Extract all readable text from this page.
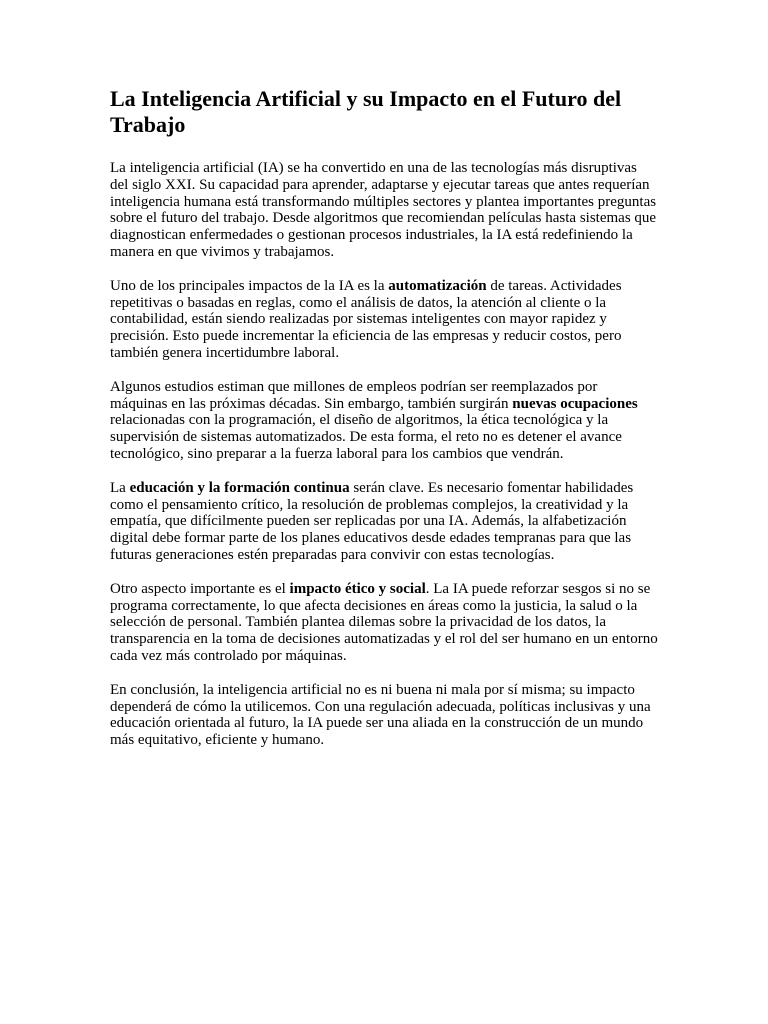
La Inteligencia Artificial y su Impacto en el Futuro del Trabajo

La inteligencia artificial (IA) se ha convertido en una de las tecnologías más disruptivas del siglo XXI. Su capacidad para aprender, adaptarse y ejecutar tareas que antes requerían inteligencia humana está transformando múltiples sectores y plantea importantes preguntas sobre el futuro del trabajo. Desde algoritmos que recomiendan películas hasta sistemas que diagnostican enfermedades o gestionan procesos industriales, la IA está redefiniendo la manera en que vivimos y trabajamos.

Uno de los principales impactos de la IA es la automatización de tareas. Actividades repetitivas o basadas en reglas, como el análisis de datos, la atención al cliente o la contabilidad, están siendo realizadas por sistemas inteligentes con mayor rapidez y precisión. Esto puede incrementar la eficiencia de las empresas y reducir costos, pero también genera incertidumbre laboral.

Algunos estudios estiman que millones de empleos podrían ser reemplazados por máquinas en las próximas décadas. Sin embargo, también surgirán nuevas ocupaciones relacionadas con la programación, el diseño de algoritmos, la ética tecnológica y la supervisión de sistemas automatizados. De esta forma, el reto no es detener el avance tecnológico, sino preparar a la fuerza laboral para los cambios que vendrán.

La educación y la formación continua serán clave. Es necesario fomentar habilidades como el pensamiento crítico, la resolución de problemas complejos, la creatividad y la empatía, que difícilmente pueden ser replicadas por una IA. Además, la alfabetización digital debe formar parte de los planes educativos desde edades tempranas para que las futuras generaciones estén preparadas para convivir con estas tecnologías.

Otro aspecto importante es el impacto ético y social. La IA puede reforzar sesgos si no se programa correctamente, lo que afecta decisiones en áreas como la justicia, la salud o la selección de personal. También plantea dilemas sobre la privacidad de los datos, la transparencia en la toma de decisiones automatizadas y el rol del ser humano en un entorno cada vez más controlado por máquinas.

En conclusión, la inteligencia artificial no es ni buena ni mala por sí misma; su impacto dependerá de cómo la utilicemos. Con una regulación adecuada, políticas inclusivas y una educación orientada al futuro, la IA puede ser una aliada en la construcción de un mundo más equitativo, eficiente y humano.
